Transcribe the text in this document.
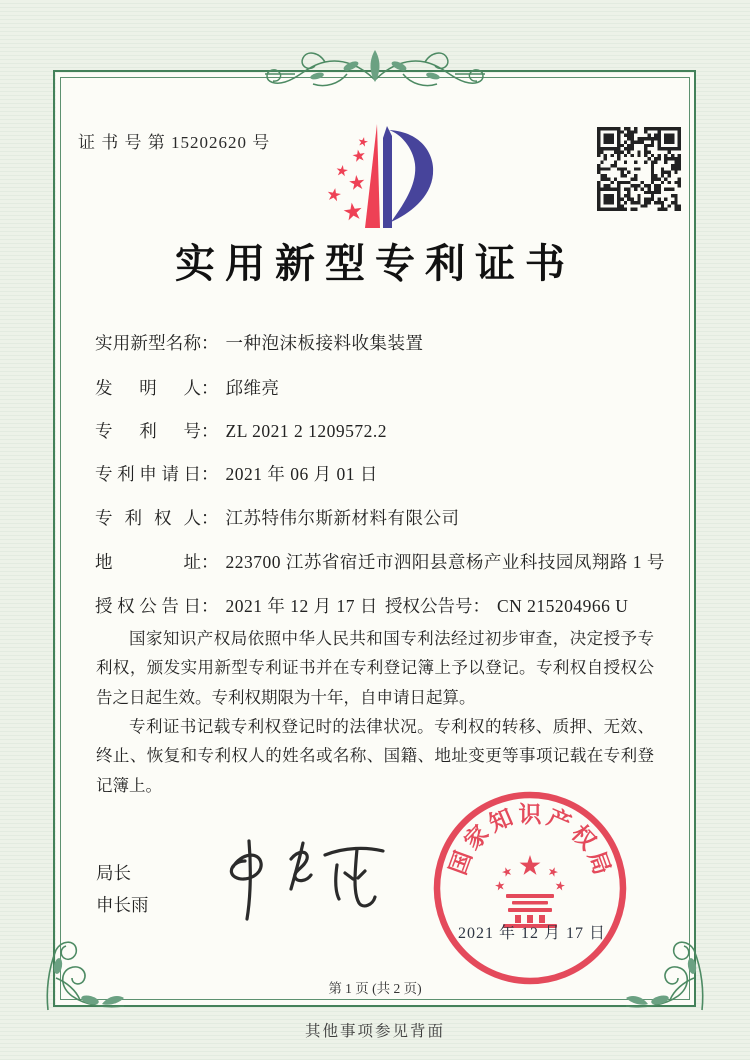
证 书 号 第 15202620 号
实用新型专利证书
实用新型名称： 一种泡沫板接料收集装置
发明人： 邱维亮
专利号： ZL 2021 2 1209572.2
专利申请日： 2021 年 06 月 01 日
专利权人： 江苏特伟尔斯新材料有限公司
地址： 223700 江苏省宿迁市泗阳县意杨产业科技园凤翔路 1 号
授权公告日： 2021 年 12 月 17 日 授权公告号： CN 215204966 U

国家知识产权局依照中华人民共和国专利法经过初步审查，决定授予专利权，颁发实用新型专利证书并在专利登记簿上予以登记。专利权自授权公告之日起生效。专利权期限为十年，自申请日起算。

专利证书记载专利权登记时的法律状况。专利权的转移、质押、无效、终止、恢复和专利权人的姓名或名称、国籍、地址变更等事项记载在专利登记簿上。

局长
申长雨
国
家
知 识 产
权
局
2021 年 12 月 17 日
第 1 页 (共 2 页)
其他事项参见背面
